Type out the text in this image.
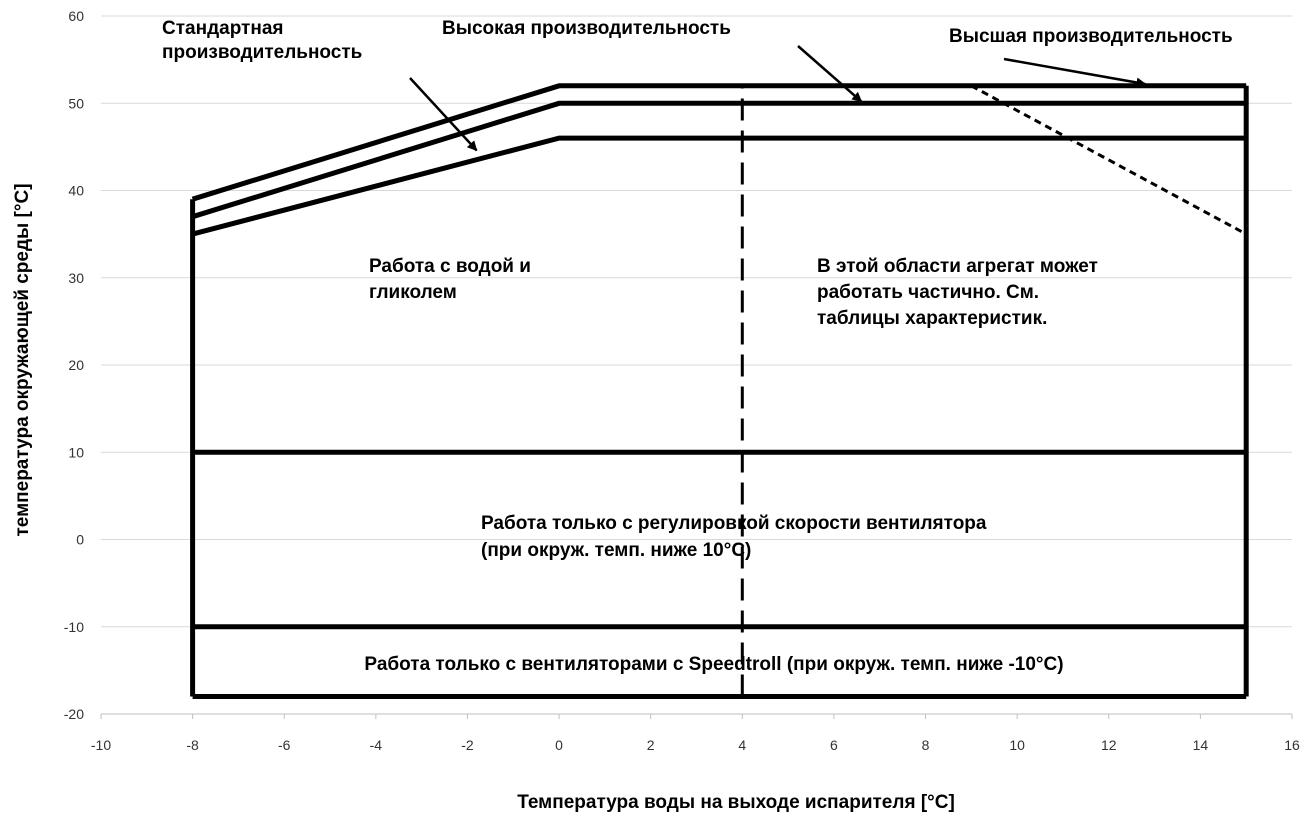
Стандартная производительность
Высокая производительность	Высшая производительность
Работа с водой и гликолем
В этой области агрегат может работать частично. См. таблицы характеристик.
Работа только с регулировкой скорости вентилятора (при окруж. темп. ниже 10°C)
Работа только с вентиляторами с Speedtroll (при окруж. темп. ниже -10°C)
-20
-10
0
10
20
30
40
50
60
-10	-8	-6	-4	-2	0	2	4	6	8	10	12	14	16
Температура воды на выходе испарителя [°C]
температура окружающей среды [°C]
